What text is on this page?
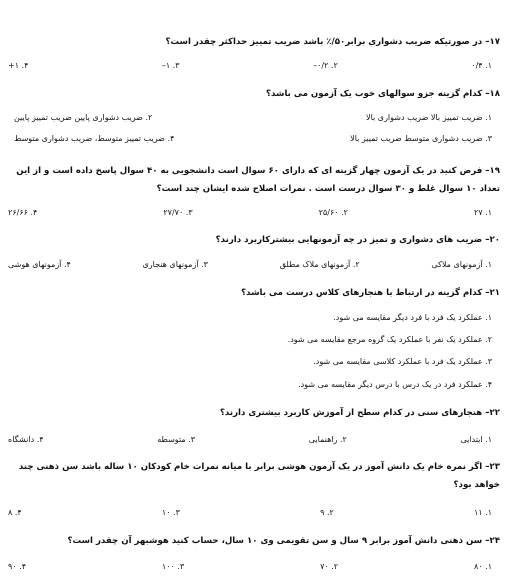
۱۷–در صورتیکه ضریب دشواری برابر۵۰/٪ باشد ضریب تمییز حداکثر چقدر است؟
۱. ۰/۴
۲. ۰/۲–
۳. ۱–
۴. ۱+
۱۸–کدام گزینه جزو سوالهای خوب یک آزمون می باشد؟
۱. ضریب تمییز بالا ضریب دشواری بالا
۲. ضریب دشواری پایین ضریب تمییز پایین
۳. ضریب دشواری متوسط ضریب تمییز بالا
۴. ضریب تمییز متوسط، ضریب دشواری متوسط
۱۹–فرض کنید در یک آزمون چهار گزینه ای که دارای ۶۰ سوال است دانشجویی به ۴۰ سوال پاسخ داده است و از این تعداد ۱۰ سوال غلط و ۳۰ سوال درست است . نمرات اصلاح شده ایشان چند است؟
۱. ۲۷
۲. ۲۵/۶۰
۳. ۲۷/۷۰
۴. ۲۶/۶۶
۲۰–ضریب های دشواری و تمیز در چه آزمونهایی بیشترکاربرد دارند؟
۱. آزمونهای ملاکی
۲. آزمونهای ملاک مطلق
۳. آزمونهای هنجاری
۴. آزمونهای هوشی
۲۱–کدام گزینه در ارتباط با هنجارهای کلاس درست می باشد؟
۱. عملکرد یک فرد با فرد دیگر مقایسه می شود.
۲. عملکرد یک نفر با عملکرد یک گروه مرجع مقایسه می شود.
۳. عملکرد یک فرد با عملکرد کلاسی مقایسه می شود.
۴. عملکرد فرد در یک درس با درس دیگر مقایسه می شود.
۲۲–هنجارهای سنی در کدام سطح از آموزش کاربرد بیشتری دارند؟
۱. ابتدایی
۲. راهنمایی
۳. متوسطه
۴. دانشگاه
۲۳–اگر نمره خام یک دانش آموز در یک آزمون هوشی برابر با میانه نمرات خام کودکان ۱۰ ساله باشد سن ذهنی چند خواهد بود؟
۱. ۱۱
۲. ۹
۳. ۱۰
۴. ۸
۲۴–سن ذهنی دانش آموز برابر ۹ سال و سن تقویمی وی ۱۰ سال، حساب کنید هوشبهر آن چقدر است؟
۱. ۸۰
۲. ۷۰
۳. ۱۰۰
۴. ۹۰
